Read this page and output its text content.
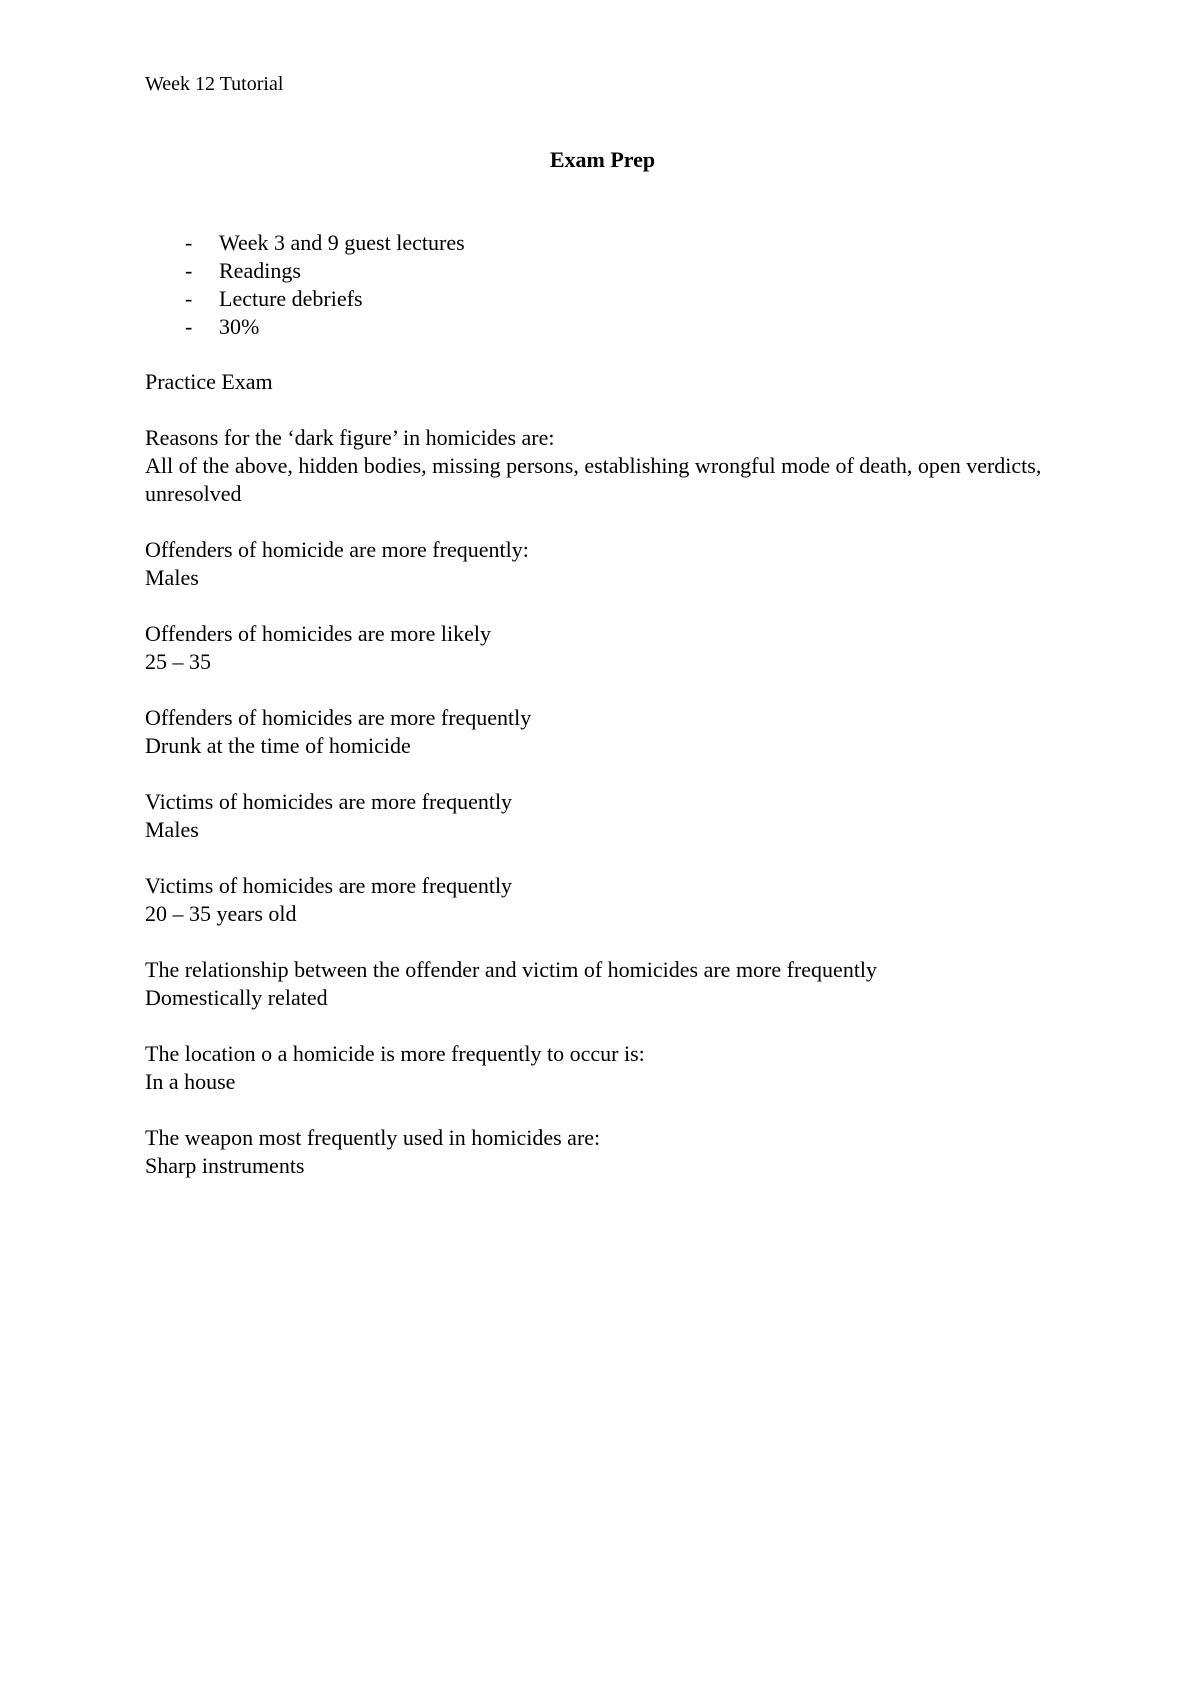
Week 12 Tutorial
Exam Prep
- Week 3 and 9 guest lectures
- Readings
- Lecture debriefs
- 30%

Practice Exam

Reasons for the ‘dark figure’ in homicides are:

All of the above, hidden bodies, missing persons, establishing wrongful mode of death, open verdicts, unresolved

Offenders of homicide are more frequently:

Males

Offenders of homicides are more likely

25 – 35

Offenders of homicides are more frequently

Drunk at the time of homicide

Victims of homicides are more frequently

Males

Victims of homicides are more frequently

20 – 35 years old

The relationship between the offender and victim of homicides are more frequently

Domestically related

The location o a homicide is more frequently to occur is:

In a house

The weapon most frequently used in homicides are:

Sharp instruments
